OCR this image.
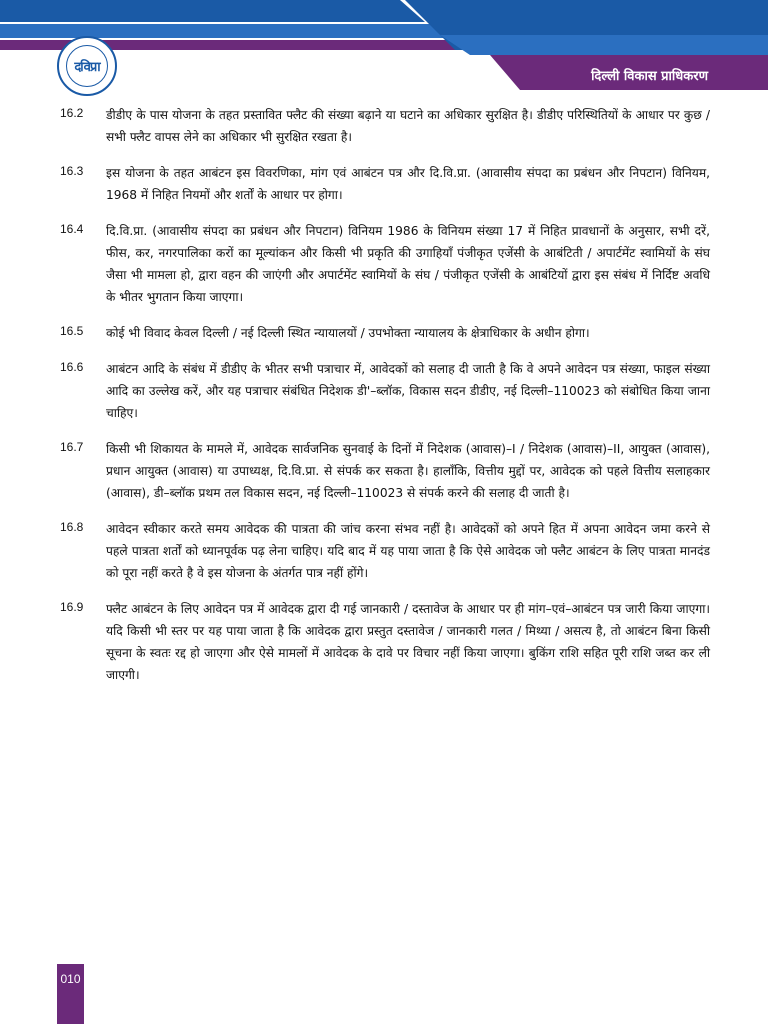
दविप्रा
दिल्ली विकास प्राधिकरण
16.2	डीडीए के पास योजना के तहत प्रस्तावित फ्लैट की संख्या बढ़ाने या घटाने का अधिकार सुरक्षित है। डीडीए परिस्थितियों के आधार पर कुछ / सभी फ्लैट वापस लेने का अधिकार भी सुरक्षित रखता है।
16.3	इस योजना के तहत आबंटन इस विवरणिका, मांग एवं आबंटन पत्र और दि.वि.प्रा. (आवासीय संपदा का प्रबंधन और निपटान) विनियम, 1968 में निहित नियमों और शर्तों के आधार पर होगा।
16.4	दि.वि.प्रा. (आवासीय संपदा का प्रबंधन और निपटान) विनियम 1986 के विनियम संख्या 17 में निहित प्रावधानों के अनुसार, सभी दरें, फीस, कर, नगरपालिका करों का मूल्यांकन और किसी भी प्रकृति की उगाहियाँ पंजीकृत एजेंसी के आबंटिती / अपार्टमेंट स्वामियों के संघ जैसा भी मामला हो, द्वारा वहन की जाएंगी और अपार्टमेंट स्वामियों के संघ / पंजीकृत एजेंसी के आबंटियों द्वारा इस संबंध में निर्दिष्ट अवधि के भीतर भुगतान किया जाएगा।
16.5	कोई भी विवाद केवल दिल्ली / नई दिल्ली स्थित न्यायालयों / उपभोक्ता न्यायालय के क्षेत्राधिकार के अधीन होगा।
16.6	आबंटन आदि के संबंध में डीडीए के भीतर सभी पत्राचार में, आवेदकों को सलाह दी जाती है कि वे अपने आवेदन पत्र संख्या, फाइल संख्या आदि का उल्लेख करें, और यह पत्राचार संबंधित निदेशक डी'–ब्लॉक, विकास सदन डीडीए, नई दिल्ली–110023 को संबोधित किया जाना चाहिए।
16.7	किसी भी शिकायत के मामले में, आवेदक सार्वजनिक सुनवाई के दिनों में निदेशक (आवास)–I / निदेशक (आवास)–II, आयुक्त (आवास), प्रधान आयुक्त (आवास) या उपाध्यक्ष, दि.वि.प्रा. से संपर्क कर सकता है। हालाँकि, वित्तीय मुद्दों पर, आवेदक को पहले वित्तीय सलाहकार (आवास), डी–ब्लॉक प्रथम तल विकास सदन, नई दिल्ली–110023 से संपर्क करने की सलाह दी जाती है।
16.8	आवेदन स्वीकार करते समय आवेदक की पात्रता की जांच करना संभव नहीं है। आवेदकों को अपने हित में अपना आवेदन जमा करने से पहले पात्रता शर्तों को ध्यानपूर्वक पढ़ लेना चाहिए। यदि बाद में यह पाया जाता है कि ऐसे आवेदक जो फ्लैट आबंटन के लिए पात्रता मानदंड को पूरा नहीं करते है वे इस योजना के अंतर्गत पात्र नहीं होंगे।
16.9	फ्लैट आबंटन के लिए आवेदन पत्र में आवेदक द्वारा दी गई जानकारी / दस्तावेज के आधार पर ही मांग–एवं–आबंटन पत्र जारी किया जाएगा। यदि किसी भी स्तर पर यह पाया जाता है कि आवेदक द्वारा प्रस्तुत दस्तावेज / जानकारी गलत / मिथ्या / असत्य है, तो आबंटन बिना किसी सूचना के स्वतः रद्द हो जाएगा और ऐसे मामलों में आवेदक के दावे पर विचार नहीं किया जाएगा। बुकिंग राशि सहित पूरी राशि जब्त कर ली जाएगी।
010
